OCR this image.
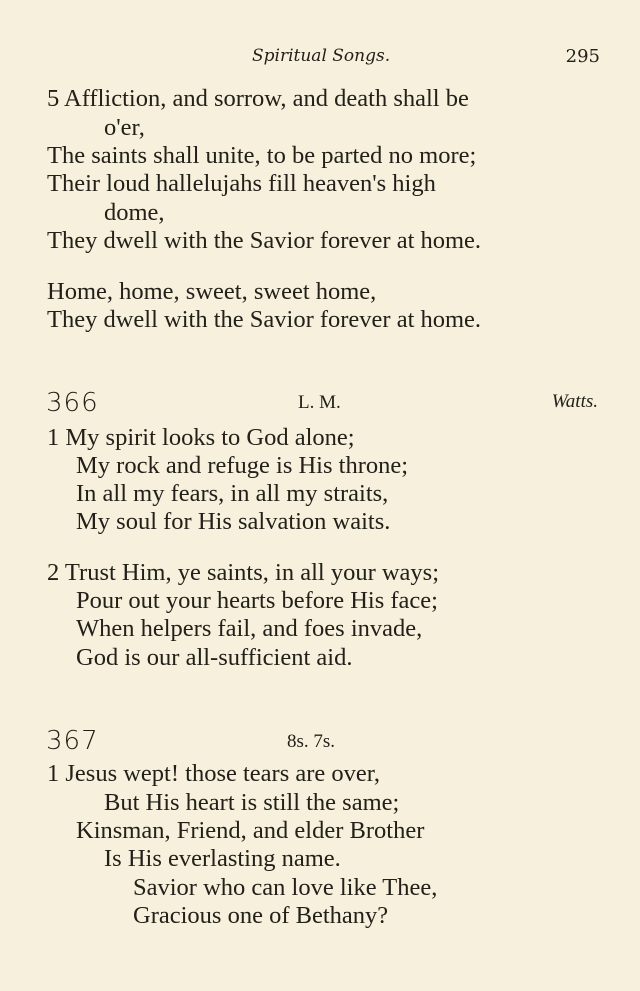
Spiritual Songs.	295
5 Affliction, and sorrow, and death shall be
o'er,
The saints shall unite, to be parted no more;
Their loud hallelujahs fill heaven's high
dome,
They dwell with the Savior forever at home.
Home, home, sweet, sweet home,
They dwell with the Savior forever at home.
366	L. M.	Watts.
1 My spirit looks to God alone;
My rock and refuge is His throne;
In all my fears, in all my straits,
My soul for His salvation waits.
2 Trust Him, ye saints, in all your ways;
Pour out your hearts before His face;
When helpers fail, and foes invade,
God is our all-sufficient aid.
367	8s. 7s.
1 Jesus wept! those tears are over,
But His heart is still the same;
Kinsman, Friend, and elder Brother
Is His everlasting name.
Savior who can love like Thee,
Gracious one of Bethany?
